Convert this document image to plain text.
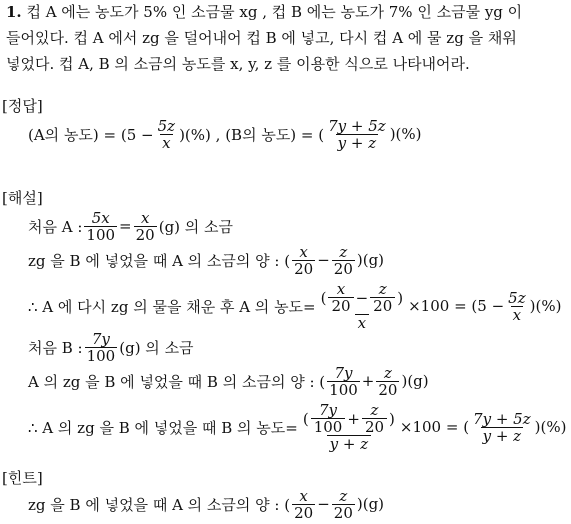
1. 컵 A 에는 농도가 5% 인 소금물 xg , 컵 B 에는 농도가 7% 인 소금물 yg 이
들어있다. 컵 A 에서 zg 을 덜어내어 컵 B 에 넣고, 다시 컵 A 에 물 zg 을 채워
넣었다. 컵 A, B 의 소금의 농도를 x, y, z 를 이용한 식으로 나타내어라.
[정답]
(A의 농도) = ($5 - \frac{5z}{x}$ )(%) , (B의 농도) = ( $\frac{7y + 5z}{y + z}$ )(%)
[해설]
처음 A : $\frac{5x}{100} = \frac{x}{20} (g)$ 의 소금
zg 을 B 에 넣었을 때 A 의 소금의 양 : ( $\frac{x}{20} - \frac{z}{20} )(g)$
∴ A 에 다시 zg 의 물을 채운 후 A 의 농도= ( $\frac{x}{20} - \frac{z}{20}$ )
x
$\times 100 = (5 - \frac{5z}{x}$ )(%)
처음 B : $\frac{7y}{100} (g)$ 의 소금
A 의 zg 을 B 에 넣었을 때 B 의 소금의 양 : ( $\frac{7y}{100} + \frac{z}{20} )(g)$
∴ A 의 zg 을 B 에 넣었을 때 B 의 농도= ( $\frac{7y}{100} + \frac{z}{20}$ )
y + z
×100 = ( $\frac{7y + 5z}{y + z}$ )(%)
[힌트]
zg 을 B 에 넣었을 때 A 의 소금의 양 : ( $\frac{x}{20} - \frac{z}{20} )(g)$
